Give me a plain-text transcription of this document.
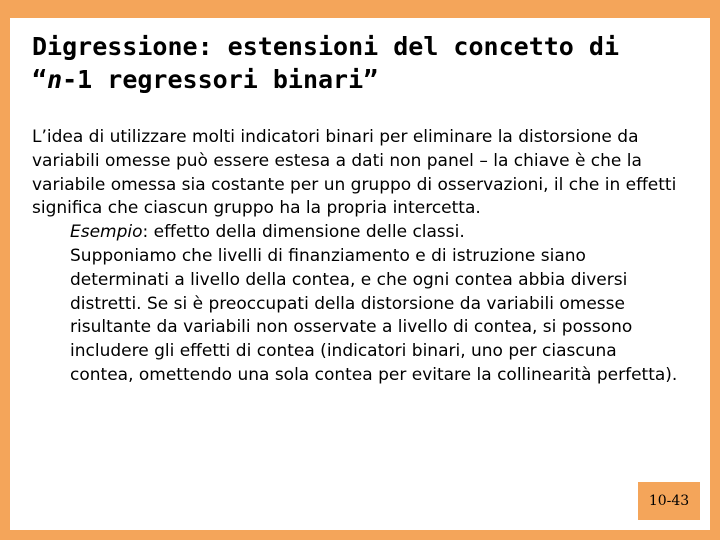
Digressione: estensioni del concetto di
“n-1 regressori binari”

L’idea di utilizzare molti indicatori binari per eliminare la distorsione da variabili omesse può essere estesa a dati non panel – la chiave è che la variabile omessa sia costante per un gruppo di osservazioni, il che in effetti significa che ciascun gruppo ha la propria intercetta.

Esempio: effetto della dimensione delle classi.

Supponiamo che livelli di finanziamento e di istruzione siano determinati a livello della contea, e che ogni contea abbia diversi distretti. Se si è preoccupati della distorsione da variabili omesse risultante da variabili non osservate a livello di contea, si possono includere gli effetti di contea (indicatori binari, uno per ciascuna contea, omettendo una sola contea per evitare la collinearità perfetta).

10-43
